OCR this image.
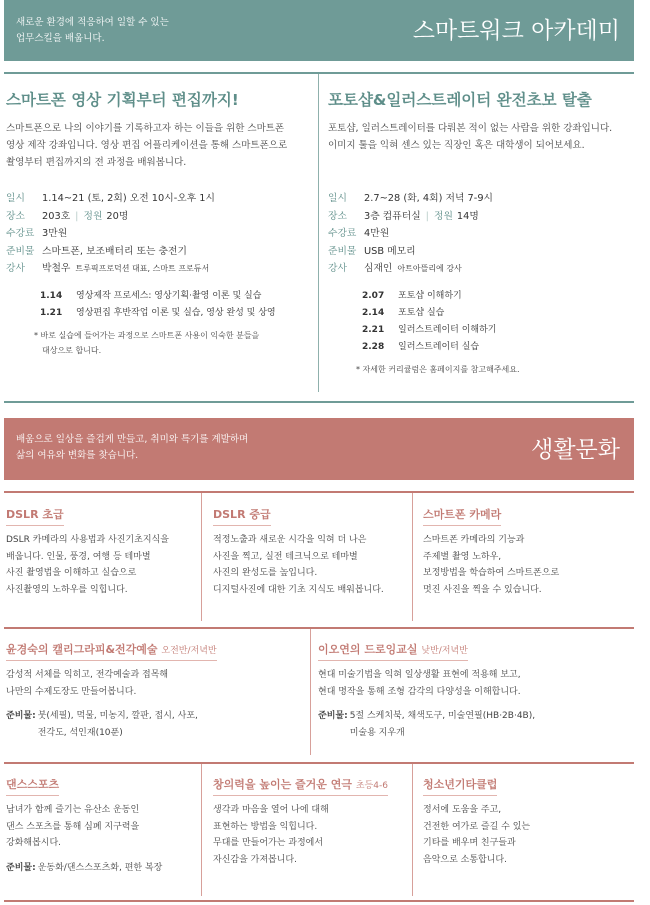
새로운 환경에 적응하여 일할 수 있는
업무스킬을 배웁니다.	스마트워크 아카데미
스마트폰 영상 기획부터 편집까지!
스마트폰으로 나의 이야기를 기록하고자 하는 이들을 위한 스마트폰
영상 제작 강좌입니다. 영상 편집 어플리케이션을 통해 스마트폰으로
촬영부터 편집까지의 전 과정을 배워봅니다.
일시	1.14~21 (토, 2회) 오전 10시-오후 1시
장소	203호 | 정원 20명
수강료 3만원
준비물 스마트폰, 보조배터리 또는 충전기
강사	박철우 트루픽프로덕션 대표, 스마트 프로듀서
1.14	영상제작 프로세스: 영상기획·촬영 이론 및 실습
1.21	영상편집 후반작업 이론 및 실습, 영상 완성 및 상영
* 바로 실습에 들어가는 과정으로 스마트폰 사용이 익숙한 분들을
대상으로 합니다.
포토샵&일러스트레이터 완전초보 탈출
포토샵, 일러스트레이터를 다뤄본 적이 없는 사람을 위한 강좌입니다.
이미지 툴을 익혀 센스 있는 직장인 혹은 대학생이 되어보세요.
일시	2.7~28 (화, 4회) 저녁 7-9시
장소	3층 컴퓨터실 | 정원 14명
수강료 4만원
준비물 USB 메모리
강사	심재인 아트아뜰리에 강사
2.07	포토샵 이해하기
2.14	포토샵 실습
2.21	일러스트레이터 이해하기
2.28	일러스트레이터 실습
* 자세한 커리큘럼은 홈페이지를 참고해주세요.
배움으로 일상을 즐겁게 만들고, 취미와 특기를 계발하며
삶의 여유와 변화를 찾습니다.	생활문화
DSLR 초급
DSLR 카메라의 사용법과 사진기초지식을
배웁니다. 인물, 풍경, 여행 등 테마별
사진 촬영법을 이해하고 실습으로
사진촬영의 노하우를 익힙니다.
DSLR 중급
적정노출과 새로운 시각을 익혀 더 나은
사진을 찍고, 실전 테크닉으로 테마별
사진의 완성도를 높입니다.
디지털사진에 대한 기초 지식도 배워봅니다.
스마트폰 카메라
스마트폰 카메라의 기능과
주제별 촬영 노하우,
보정방법을 학습하여 스마트폰으로
멋진 사진을 찍을 수 있습니다.
윤경숙의 캘리그라피&전각예술 오전반/저녁반
감성적 서체를 익히고, 전각예술과 접목해
나만의 수제도장도 만들어봅니다.
준비물: 붓(세필), 먹물, 미농지, 깔판, 접시, 사포,
전각도, 석인재(10푼)
이오연의 드로잉교실 낮반/저녁반
현대 미술기법을 익혀 일상생활 표현에 적용해 보고,
현대 명작을 통해 조형 감각의 다양성을 이해합니다.
준비물: 5절 스케치북, 채색도구, 미술연필(HB·2B·4B),
미술용 지우개
댄스스포츠
남녀가 함께 즐기는 유산소 운동인
댄스 스포츠를 통해 심폐 지구력을
강화해봅시다.
준비물: 운동화/댄스스포츠화, 편한 복장
창의력을 높이는 즐거운 연극 초등4-6
생각과 마음을 열어 나에 대해
표현하는 방법을 익힙니다.
무대를 만들어가는 과정에서
자신감을 가져봅니다.
청소년기타클럽
정서에 도움을 주고,
건전한 여가로 즐길 수 있는
기타를 배우며 친구들과
음악으로 소통합니다.
